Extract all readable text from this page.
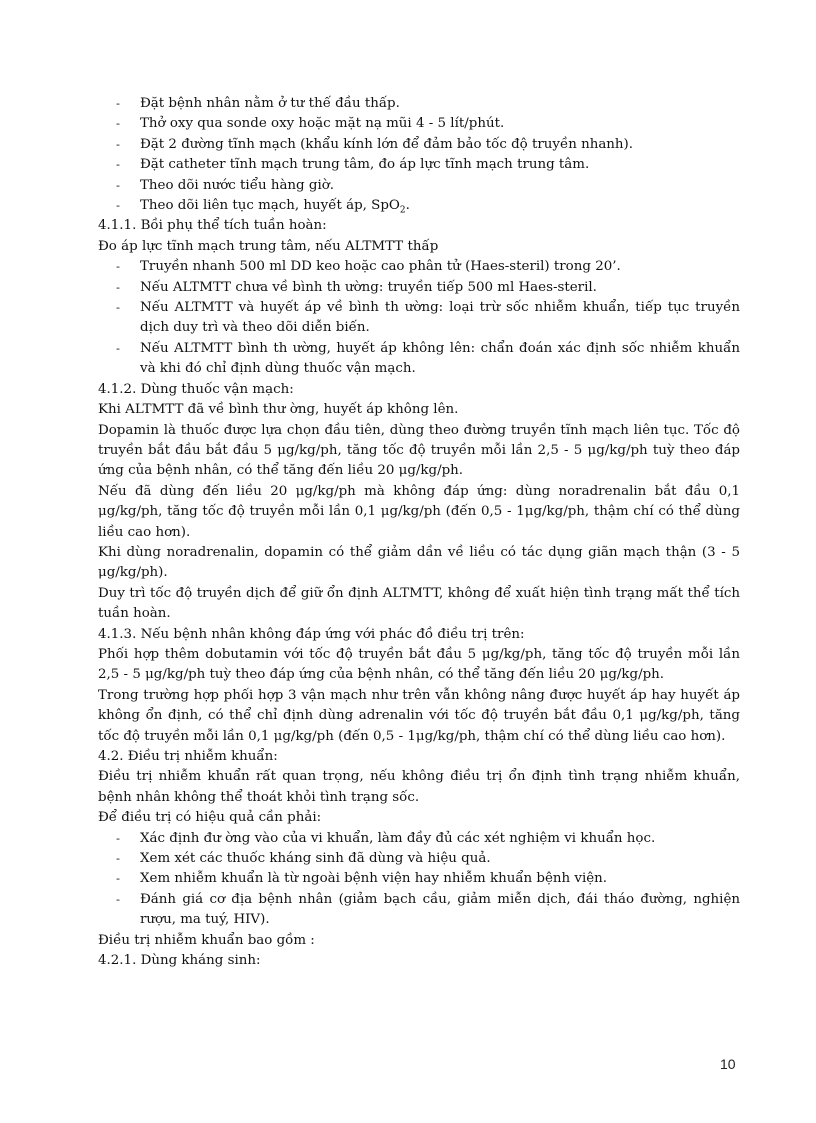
-	Đặt bệnh nhân nằm ở tư thế đầu thấp.

-	Thở oxy qua sonde oxy hoặc mặt nạ mũi 4 - 5 lít/phút.

-	Đặt 2 đường tĩnh mạch (khẩu kính lớn để đảm bảo tốc độ truyền nhanh).

-	Đặt catheter tĩnh mạch trung tâm, đo áp lực tĩnh mạch trung tâm.

-	Theo dõi nước tiểu hàng giờ.

-	Theo dõi liên tục mạch, huyết áp, SpO$_2$.

4.1.1. Bồi phụ thể tích tuần hoàn:

Đo áp lực tĩnh mạch trung tâm, nếu ALTMTT thấp

-	Truyền nhanh 500 ml DD keo hoặc cao phân tử (Haes-steril) trong 20’.

-	Nếu ALTMTT chưa về bình th ường: truyền tiếp 500 ml Haes-steril.

-	Nếu ALTMTT và huyết áp về bình th ường: loại trừ sốc nhiễm khuẩn, tiếp tục truyền dịch duy trì và theo dõi diễn biến.

-	Nếu ALTMTT bình th ường, huyết áp không lên: chẩn đoán xác định sốc nhiễm khuẩn và khi đó chỉ định dùng thuốc vận mạch.

4.1.2. Dùng thuốc vận mạch:

Khi ALTMTT đã về bình thư ờng, huyết áp không lên.

Dopamin là thuốc được lựa chọn đầu tiên, dùng theo đường truyền tĩnh mạch liên tục. Tốc độ truyền bắt đầu bắt đầu 5 μg/kg/ph, tăng tốc độ truyền mỗi lần 2,5 - 5 μg/kg/ph tuỳ theo đáp ứng của bệnh nhân, có thể tăng đến liều 20 μg/kg/ph.

Nếu đã dùng đến liều 20 μg/kg/ph mà không đáp ứng: dùng noradrenalin bắt đầu 0,1 μg/kg/ph, tăng tốc độ truyền mỗi lần 0,1 μg/kg/ph (đến 0,5 - 1μg/kg/ph, thậm chí có thể dùng liều cao hơn).

Khi dùng noradrenalin, dopamin có thể giảm dần về liều có tác dụng giãn mạch thận (3 - 5 μg/kg/ph).

Duy trì tốc độ truyền dịch để giữ ổn định ALTMTT, không để xuất hiện tình trạng mất thể tích tuần hoàn.

4.1.3. Nếu bệnh nhân không đáp ứng với phác đồ điều trị trên:

Phối hợp thêm dobutamin với tốc độ truyền bắt đầu 5 μg/kg/ph, tăng tốc độ truyền mỗi lần 2,5 - 5 μg/kg/ph tuỳ theo đáp ứng của bệnh nhân, có thể tăng đến liều 20 μg/kg/ph.

Trong trường hợp phối hợp 3 vận mạch như trên vẫn không nâng được huyết áp hay huyết áp không ổn định, có thể chỉ định dùng adrenalin với tốc độ truyền bắt đầu 0,1 μg/kg/ph, tăng tốc độ truyền mỗi lần 0,1 μg/kg/ph (đến 0,5 - 1μg/kg/ph, thậm chí có thể dùng liều cao hơn).

4.2. Điều trị nhiễm khuẩn:

Điều trị nhiễm khuẩn rất quan trọng, nếu không điều trị ổn định tình trạng nhiễm khuẩn, bệnh nhân không thể thoát khỏi tình trạng sốc.

Để điều trị có hiệu quả cần phải:

-	Xác định đư ờng vào của vi khuẩn, làm đầy đủ các xét nghiệm vi khuẩn học.

-	Xem xét các thuốc kháng sinh đã dùng và hiệu quả.

-	Xem nhiễm khuẩn là từ ngoài bệnh viện hay nhiễm khuẩn bệnh viện.

-	Đánh giá cơ địa bệnh nhân (giảm bạch cầu, giảm miễn dịch, đái tháo đường, nghiện rượu, ma tuý, HIV).

Điều trị nhiễm khuẩn bao gồm :

4.2.1. Dùng kháng sinh:

10
